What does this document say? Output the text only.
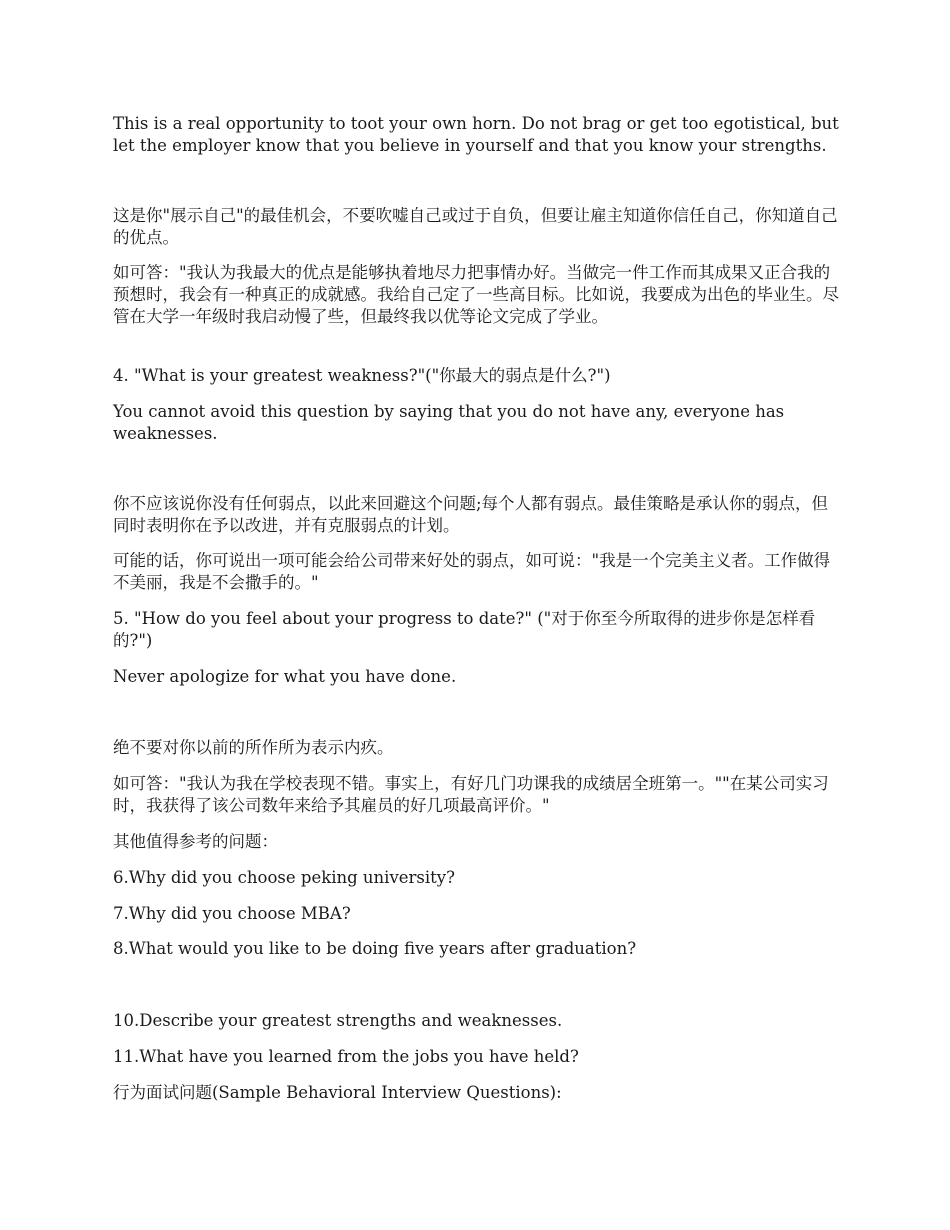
This is a real opportunity to toot your own horn. Do not brag or get too egotistical, but let the employer know that you believe in yourself and that you know your strengths.

这是你"展示自己"的最佳机会，不要吹嘘自己或过于自负，但要让雇主知道你信任自己，你知道自己的优点。

如可答："我认为我最大的优点是能够执着地尽力把事情办好。当做完一件工作而其成果又正合我的预想时，我会有一种真正的成就感。我给自己定了一些高目标。比如说，我要成为出色的毕业生。尽管在大学一年级时我启动慢了些，但最终我以优等论文完成了学业。

4. "What is your greatest weakness?"("你最大的弱点是什么?")

You cannot avoid this question by saying that you do not have any, everyone has weaknesses.

你不应该说你没有任何弱点，以此来回避这个问题;每个人都有弱点。最佳策略是承认你的弱点，但同时表明你在予以改进，并有克服弱点的计划。

可能的话，你可说出一项可能会给公司带来好处的弱点，如可说："我是一个完美主义者。工作做得不美丽，我是不会撒手的。"

5. "How do you feel about your progress to date?" ("对于你至今所取得的进步你是怎样看的?")

Never apologize for what you have done.

绝不要对你以前的所作所为表示内疚。

如可答："我认为我在学校表现不错。事实上，有好几门功课我的成绩居全班第一。""在某公司实习时，我获得了该公司数年来给予其雇员的好几项最高评价。"

其他值得参考的问题：

6.Why did you choose peking university?

7.Why did you choose MBA?

8.What would you like to be doing five years after graduation?

10.Describe your greatest strengths and weaknesses.

11.What have you learned from the jobs you have held?

行为面试问题(Sample Behavioral Interview Questions):
